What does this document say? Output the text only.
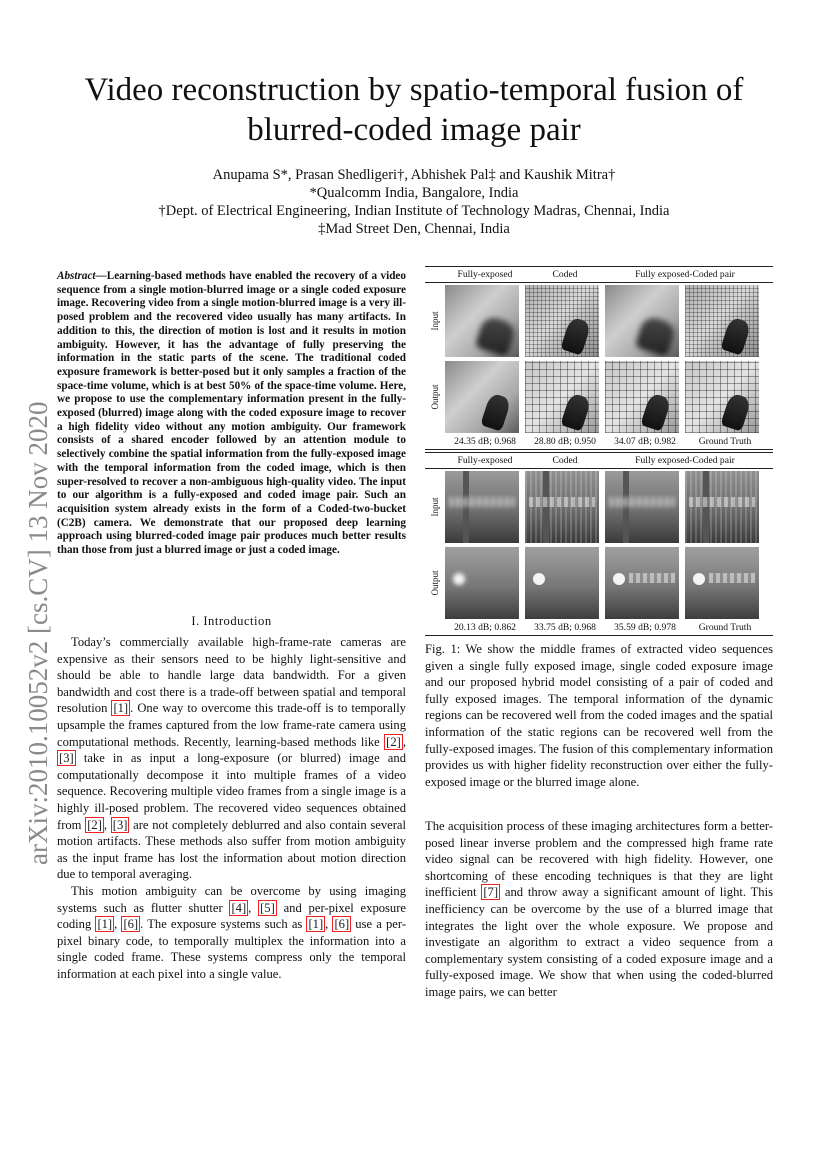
arXiv:2010.10052v2 [cs.CV] 13 Nov 2020
Video reconstruction by spatio-temporal fusion of
blurred-coded image pair
Anupama S*, Prasan Shedligeri†, Abhishek Pal‡ and Kaushik Mitra†
*Qualcomm India, Bangalore, India
†Dept. of Electrical Engineering, Indian Institute of Technology Madras, Chennai, India
‡Mad Street Den, Chennai, India
Abstract—Learning-based methods have enabled the recovery of a video sequence from a single motion-blurred image or a single coded exposure image. Recovering video from a single motion-blurred image is a very ill-posed problem and the recovered video usually has many artifacts. In addition to this, the direction of motion is lost and it results in motion ambiguity. However, it has the advantage of fully preserving the information in the static parts of the scene. The traditional coded exposure framework is better-posed but it only samples a fraction of the space-time volume, which is at best 50% of the space-time volume. Here, we propose to use the complementary information present in the fully-exposed (blurred) image along with the coded exposure image to recover a high fidelity video without any motion ambiguity. Our framework consists of a shared encoder followed by an attention module to selectively combine the spatial information from the fully-exposed image with the temporal information from the coded image, which is then super-resolved to recover a non-ambiguous high-quality video. The input to our algorithm is a fully-exposed and coded image pair. Such an acquisition system already exists in the form of a Coded-two-bucket (C2B) camera. We demonstrate that our proposed deep learning approach using blurred-coded image pair produces much better results than those from just a blurred image or just a coded image.
I. Introduction

Today’s commercially available high-frame-rate cameras are expensive as their sensors need to be highly light-sensitive and should be able to handle large data bandwidth. For a given bandwidth and cost there is a trade-off between spatial and temporal resolution [1] . One way to overcome this trade-off is to temporally upsample the frames captured from the low frame-rate camera using computational methods. Recently, learning-based methods like [2] , [3] take in as input a long-exposure (or blurred) image and computationally decompose it into multiple frames of a video sequence. Recovering multiple video frames from a single image is a highly ill-posed problem. The recovered video sequences obtained from [2] , [3] are not completely deblurred and also contain several motion artifacts. These methods also suffer from motion ambiguity as the input frame has lost the information about motion direction due to temporal averaging.

This motion ambiguity can be overcome by using imaging systems such as flutter shutter [4] , [5] and per-pixel exposure coding [1] , [6] . The exposure systems such as [1] , [6] use a per-pixel binary code, to temporally multiplex the information into a single coded frame. These systems compress only the temporal information at each pixel into a single value.

Fully-exposed	Coded	Fully exposed-Coded pair
Input
Output
24.35 dB; 0.968	28.80 dB; 0.950	34.07 dB; 0.982	Ground Truth
Fully-exposed	Coded	Fully exposed-Coded pair
Input
Output
20.13 dB; 0.862	33.75 dB; 0.968	35.59 dB; 0.978	Ground Truth
Fig. 1: We show the middle frames of extracted video sequences given a single fully exposed image, single coded exposure image and our proposed hybrid model consisting of a pair of coded and fully exposed images. The temporal information of the dynamic regions can be recovered well from the coded images and the spatial information of the static regions can be recovered well from the fully-exposed images. The fusion of this complementary information provides us with higher fidelity reconstruction over either the fully-exposed image or the blurred image alone.

The acquisition process of these imaging architectures form a better-posed linear inverse problem and the compressed high frame rate video signal can be recovered with high fidelity. However, one shortcoming of these encoding techniques is that they are light inefficient [7] and throw away a significant amount of light. This inefficiency can be overcome by the use of a blurred image that integrates the light over the whole exposure. We propose and investigate an algorithm to extract a video sequence from a complementary system consisting of a coded exposure image and a fully-exposed image. We show that when using the coded-blurred image pairs, we can better
